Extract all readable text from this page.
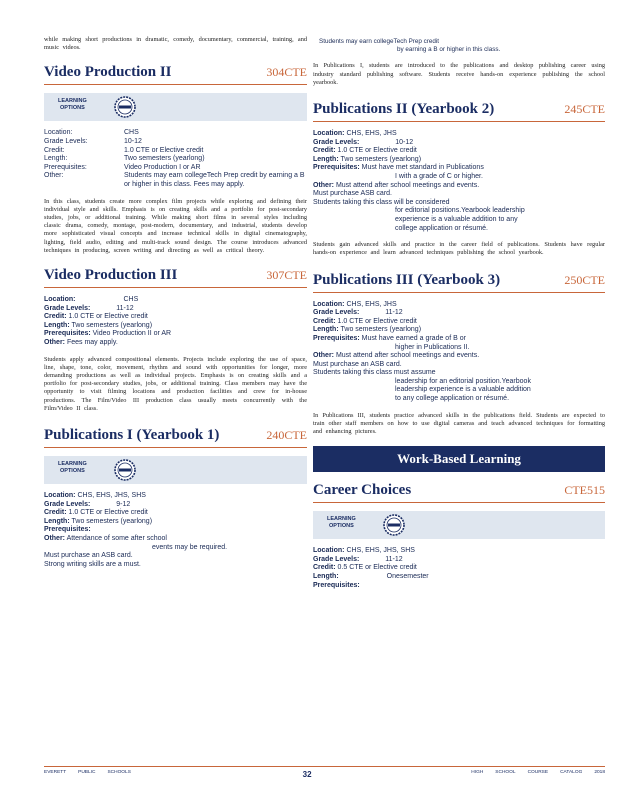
while making short productions in dramatic, comedy, documentary, commercial, training, and music videos.

Video Production II	304CTE
LEARNING
OPTIONS
Location:	CHS
Grade Levels:	10-12
Credit:	1.0 CTE or Elective credit
Length:	Two semesters (yearlong)
Prerequisites:	Video Production I or AR
Other:	Students may earn collegeTech Prep credit by earning a B or higher in this class. Fees may apply.

In this class, students create more complex film projects while exploring and defining their individual style and skills. Emphasis is on creating skills and a portfolio for post-secondary studies, jobs, or additional training. While making short films in several styles including classic drama, comedy, montage, post-modern, documentary, and industrial, students develop more sophisticated visual concepts and increase technical skills in digital cinematography, lighting, field audio, editing and multi-track sound design. The course introduces advanced techniques in producing, screen writing and directing as well as critical theory.

Video Production III	307CTE
Location:	CHS
Grade Levels:	11-12
Credit: 1.0 CTE or Elective credit
Length: Two semesters (yearlong)
Prerequisites: Video Production II or AR
Other: Fees may apply.

Students apply advanced compositional elements. Projects include exploring the use of space, line, shape, tone, color, movement, rhythm and sound with opportunities for longer, more demanding productions as well as individual projects. Emphasis is on creating skills and a portfolio for post-secondary studies, jobs, or additional training. Class members may have the opportunity to visit filming locations and production facilities and crew for in-house productions. The Film/Video III production class usually meets concurrently with the Film/Video II class.

Publications I (Yearbook 1)	240CTE
LEARNING
OPTIONS
Location: CHS, EHS, JHS, SHS
Grade Levels:	9-12
Credit: 1.0 CTE or Elective credit
Length: Two semesters (yearlong)
Prerequisites:
Other: Attendance of some after school
events may be required.
Must purchase an ASB card.
Strong writing skills are a must.
Students may earn collegeTech Prep credit
by earning a B or higher in this class.

In Publications I, students are introduced to the publications and desktop publishing career using industry standard publishing software. Students receive hands-on experience publishing the school yearbook.

Publications II (Yearbook 2)	245CTE
Location: CHS, EHS, JHS
Grade Levels:	10-12
Credit: 1.0 CTE or Elective credit
Length: Two semesters (yearlong)
Prerequisites: Must have met standard in Publications
I with a grade of C or higher.
Other: Must attend after school meetings and events.
Must purchase ASB card.
Students taking this class will be considered
for editorial positions.Yearbook leadership
experience is a valuable addition to any
college application or résumé.

Students gain advanced skills and practice in the career field of publications. Students have regular hands-on experience and learn advanced techniques publishing the school yearbook.

Publications III (Yearbook 3)	250CTE
Location: CHS, EHS, JHS
Grade Levels:	11-12
Credit: 1.0 CTE or Elective credit
Length: Two semesters (yearlong)
Prerequisites: Must have earned a grade of B or
higher in Publications II.
Other: Must attend after school meetings and events.
Must purchase an ASB card.
Students taking this class must assume
leadership for an editorial position.Yearbook
leadership experience is a valuable addition
to any college application or résumé.

In Publications III, students practice advanced skills in the publications field. Students are expected to train other staff members on how to use digital cameras and teach advanced techniques for formatting and enhancing pictures.

Work-Based Learning
Career Choices	CTE515
LEARNING
OPTIONS
Location: CHS, EHS, JHS, SHS
Grade Levels:	11-12
Credit: 0.5 CTE or Elective credit
Length:	Onesemester
Prerequisites:
EVERETT	PUBLIC	SCHOOLS	32	HIGH	SCHOOL	COURSE	CATALOG	2018
